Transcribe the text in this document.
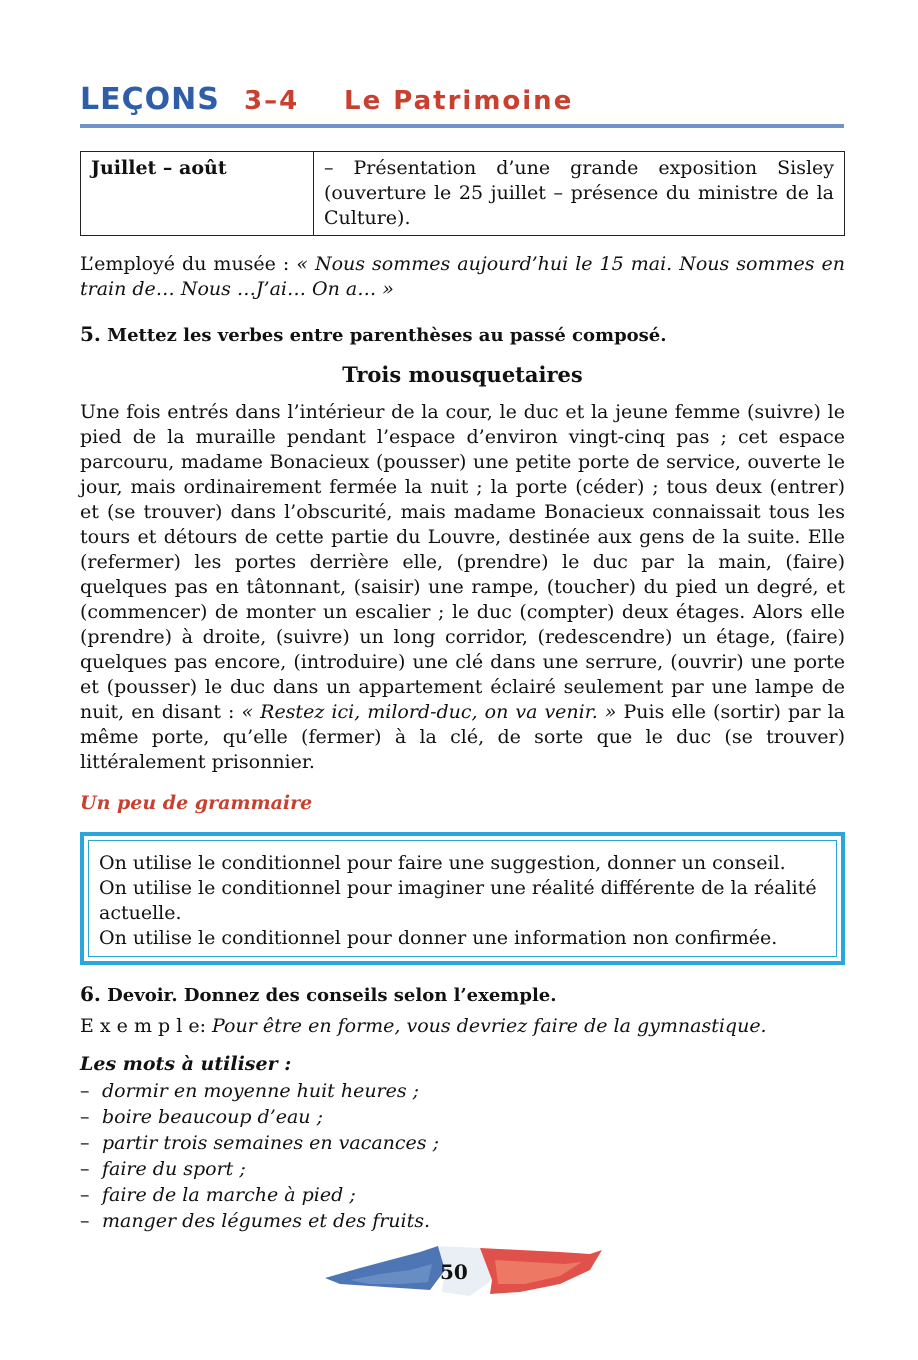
LEÇONS 3–4 Le Patrimoine
Juillet – août	– Présentation d’une grande exposition Sisley (ouverture le 25 juillet – présence du ministre de la Culture).
L’employé du musée : « Nous sommes aujourd’hui le 15 mai. Nous sommes en train de… Nous …J’ai… On a… »
5. Mettez les verbes entre parenthèses au passé composé.
Trois mousquetaires
Une fois entrés dans l’intérieur de la cour, le duc et la jeune femme (suivre) le pied de la muraille pendant l’espace d’environ vingt-cinq pas ; cet espace parcouru, madame Bonacieux (pousser) une petite porte de service, ouverte le jour, mais ordinairement fermée la nuit ; la porte (céder) ; tous deux (entrer) et (se trouver) dans l’obscurité, mais madame Bonacieux connaissait tous les tours et détours de cette partie du Louvre, destinée aux gens de la suite. Elle (refermer) les portes derrière elle, (prendre) le duc par la main, (faire) quelques pas en tâtonnant, (saisir) une rampe, (toucher) du pied un degré, et (commencer) de monter un escalier ; le duc (compter) deux étages. Alors elle (prendre) à droite, (suivre) un long corridor, (redescendre) un étage, (faire) quelques pas encore, (introduire) une clé dans une serrure, (ouvrir) une porte et (pousser) le duc dans un appartement éclairé seulement par une lampe de nuit, en disant : « Restez ici, milord-duc, on va venir. » Puis elle (sortir) par la même porte, qu’elle (fermer) à la clé, de sorte que le duc (se trouver) littéralement prisonnier.
Un peu de grammaire
On utilise le conditionnel pour faire une suggestion, donner un conseil.
On utilise le conditionnel pour imaginer une réalité différente de la réalité actuelle.
On utilise le conditionnel pour donner une information non confirmée.
6. Devoir. Donnez des conseils selon l’exemple.
E x e m p l e: Pour être en forme, vous devriez faire de la gymnastique.
Les mots à utiliser :
– dormir en moyenne huit heures ;
– boire beaucoup d’eau ;
– partir trois semaines en vacances ;
– faire du sport ;
– faire de la marche à pied ;
– manger des légumes et des fruits.
50
